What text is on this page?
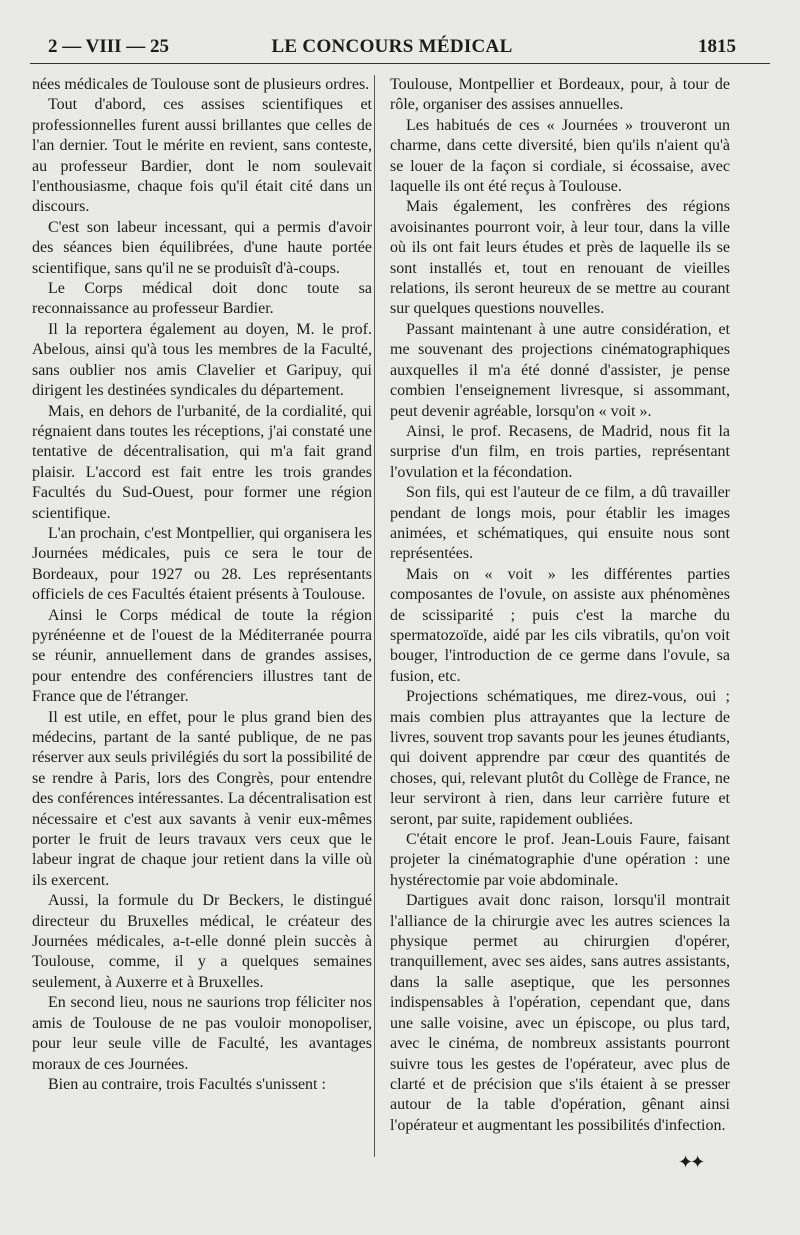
2 — VIII — 25	LE CONCOURS MÉDICAL	1815

nées médicales de Toulouse sont de plusieurs ordres.

Tout d'abord, ces assises scientifiques et professionnelles furent aussi brillantes que celles de l'an dernier. Tout le mérite en revient, sans conteste, au professeur Bardier, dont le nom soulevait l'enthousiasme, chaque fois qu'il était cité dans un discours.

C'est son labeur incessant, qui a permis d'avoir des séances bien équilibrées, d'une haute portée scientifique, sans qu'il ne se produisît d'à-coups.

Le Corps médical doit donc toute sa reconnaissance au professeur Bardier.

Il la reportera également au doyen, M. le prof. Abelous, ainsi qu'à tous les membres de la Faculté, sans oublier nos amis Clavelier et Garipuy, qui dirigent les destinées syndicales du département.

Mais, en dehors de l'urbanité, de la cordialité, qui régnaient dans toutes les réceptions, j'ai constaté une tentative de décentralisation, qui m'a fait grand plaisir. L'accord est fait entre les trois grandes Facultés du Sud-Ouest, pour former une région scientifique.

L'an prochain, c'est Montpellier, qui organisera les Journées médicales, puis ce sera le tour de Bordeaux, pour 1927 ou 28. Les représentants officiels de ces Facultés étaient présents à Toulouse.

Ainsi le Corps médical de toute la région pyrénéenne et de l'ouest de la Méditerranée pourra se réunir, annuellement dans de grandes assises, pour entendre des conférenciers illustres tant de France que de l'étranger.

Il est utile, en effet, pour le plus grand bien des médecins, partant de la santé publique, de ne pas réserver aux seuls privilégiés du sort la possibilité de se rendre à Paris, lors des Congrès, pour entendre des conférences intéressantes. La décentralisation est nécessaire et c'est aux savants à venir eux-mêmes porter le fruit de leurs travaux vers ceux que le labeur ingrat de chaque jour retient dans la ville où ils exercent.

Aussi, la formule du Dr Beckers, le distingué directeur du Bruxelles médical, le créateur des Journées médicales, a-t-elle donné plein succès à Toulouse, comme, il y a quelques semaines seulement, à Auxerre et à Bruxelles.

En second lieu, nous ne saurions trop féliciter nos amis de Toulouse de ne pas vouloir monopoliser, pour leur seule ville de Faculté, les avantages moraux de ces Journées.

Bien au contraire, trois Facultés s'unissent :

Toulouse, Montpellier et Bordeaux, pour, à tour de rôle, organiser des assises annuelles.

Les habitués de ces « Journées » trouveront un charme, dans cette diversité, bien qu'ils n'aient qu'à se louer de la façon si cordiale, si écossaise, avec laquelle ils ont été reçus à Toulouse.

Mais également, les confrères des régions avoisinantes pourront voir, à leur tour, dans la ville où ils ont fait leurs études et près de laquelle ils se sont installés et, tout en renouant de vieilles relations, ils seront heureux de se mettre au courant sur quelques questions nouvelles.

Passant maintenant à une autre considération, et me souvenant des projections cinématographiques auxquelles il m'a été donné d'assister, je pense combien l'enseignement livresque, si assommant, peut devenir agréable, lorsqu'on « voit ».

Ainsi, le prof. Recasens, de Madrid, nous fit la surprise d'un film, en trois parties, représentant l'ovulation et la fécondation.

Son fils, qui est l'auteur de ce film, a dû travailler pendant de longs mois, pour établir les images animées, et schématiques, qui ensuite nous sont représentées.

Mais on « voit » les différentes parties composantes de l'ovule, on assiste aux phénomènes de scissiparité ; puis c'est la marche du spermatozoïde, aidé par les cils vibratils, qu'on voit bouger, l'introduction de ce germe dans l'ovule, sa fusion, etc.

Projections schématiques, me direz-vous, oui ; mais combien plus attrayantes que la lecture de livres, souvent trop savants pour les jeunes étudiants, qui doivent apprendre par cœur des quantités de choses, qui, relevant plutôt du Collège de France, ne leur serviront à rien, dans leur carrière future et seront, par suite, rapidement oubliées.

C'était encore le prof. Jean-Louis Faure, faisant projeter la cinématographie d'une opération : une hystérectomie par voie abdominale.

Dartigues avait donc raison, lorsqu'il montrait l'alliance de la chirurgie avec les autres sciences la physique permet au chirurgien d'opérer, tranquillement, avec ses aides, sans autres assistants, dans la salle aseptique, que les personnes indispensables à l'opération, cependant que, dans une salle voisine, avec un épiscope, ou plus tard, avec le cinéma, de nombreux assistants pourront suivre tous les gestes de l'opérateur, avec plus de clarté et de précision que s'ils étaient à se presser autour de la table d'opération, gênant ainsi l'opérateur et augmentant les possibilités d'infection.

✦✦
